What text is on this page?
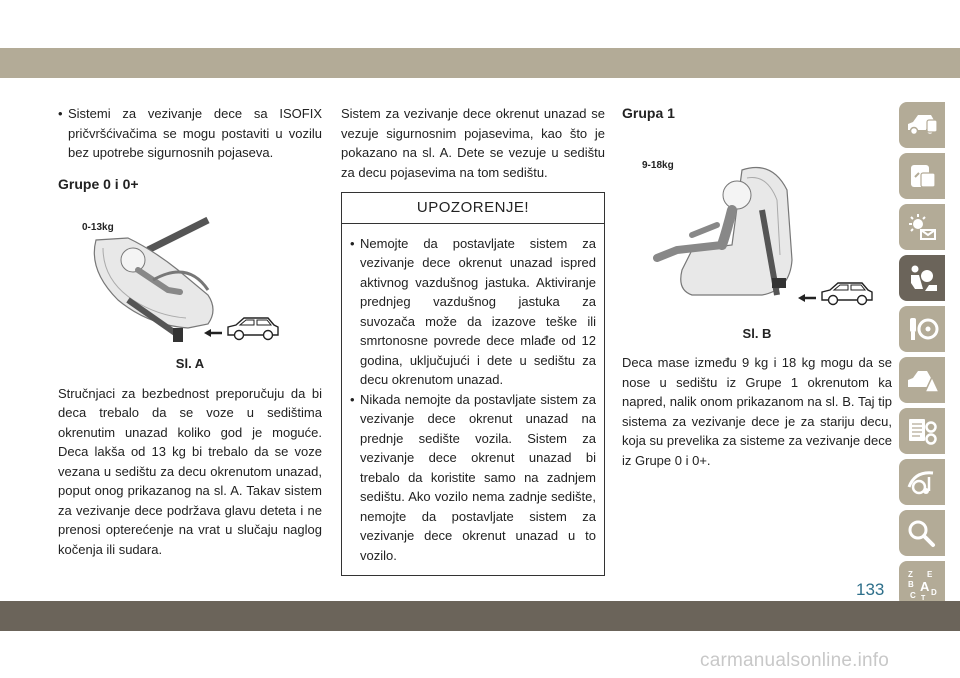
• Sistemi za vezivanje dece sa ISOFIX pričvršćivačima se mogu postaviti u vozilu bez upotrebe sigurnosnih pojaseva.
Grupe 0 i 0+
0-13kg
Sl. A

Stručnjaci za bezbednost preporučuju da bi deca trebalo da se voze u sedištima okrenutim unazad koliko god je moguće. Deca lakša od 13 kg bi trebalo da se voze vezana u sedištu za decu okrenutom unazad, poput onog prikazanog na sl. A. Takav sistem za vezivanje dece podržava glavu deteta i ne prenosi opterećenje na vrat u slučaju naglog kočenja ili sudara.

Sistem za vezivanje dece okrenut unazad se vezuje sigurnosnim pojasevima, kao što je pokazano na sl. A. Dete se vezuje u sedištu za decu pojasevima na tom sedištu.

UPOZORENJE!
• Nemojte da postavljate sistem za vezivanje dece okrenut unazad ispred aktivnog vazdušnog jastuka. Aktiviranje prednjeg vazdušnog jastuka za suvozača može da izazove teške ili smrtonosne povrede dece mlađe od 12 godina, uključujući i dete u sedištu za decu okrenutom unazad.
• Nikada nemojte da postavljate sistem za vezivanje dece okrenut unazad na prednje sedište vozila. Sistem za vezivanje dece okrenut unazad bi trebalo da koristite samo na zadnjem sedištu. Ako vozilo nema zadnje sedište, nemojte da postavljate sistem za vezivanje dece okrenut unazad u to vozilo.
Grupa 1
9-18kg
Sl. B

Deca mase između 9 kg i 18 kg mogu da se nose u sedištu iz Grupe 1 okrenutom ka napred, nalik onom prikazanom na sl. B. Taj tip sistema za vezivanje dece je za stariju decu, koja su prevelika za sisteme za vezivanje dece iz Grupe 0 i 0+.

Z E
B A
C T
D
133
carmanualsonline.info
